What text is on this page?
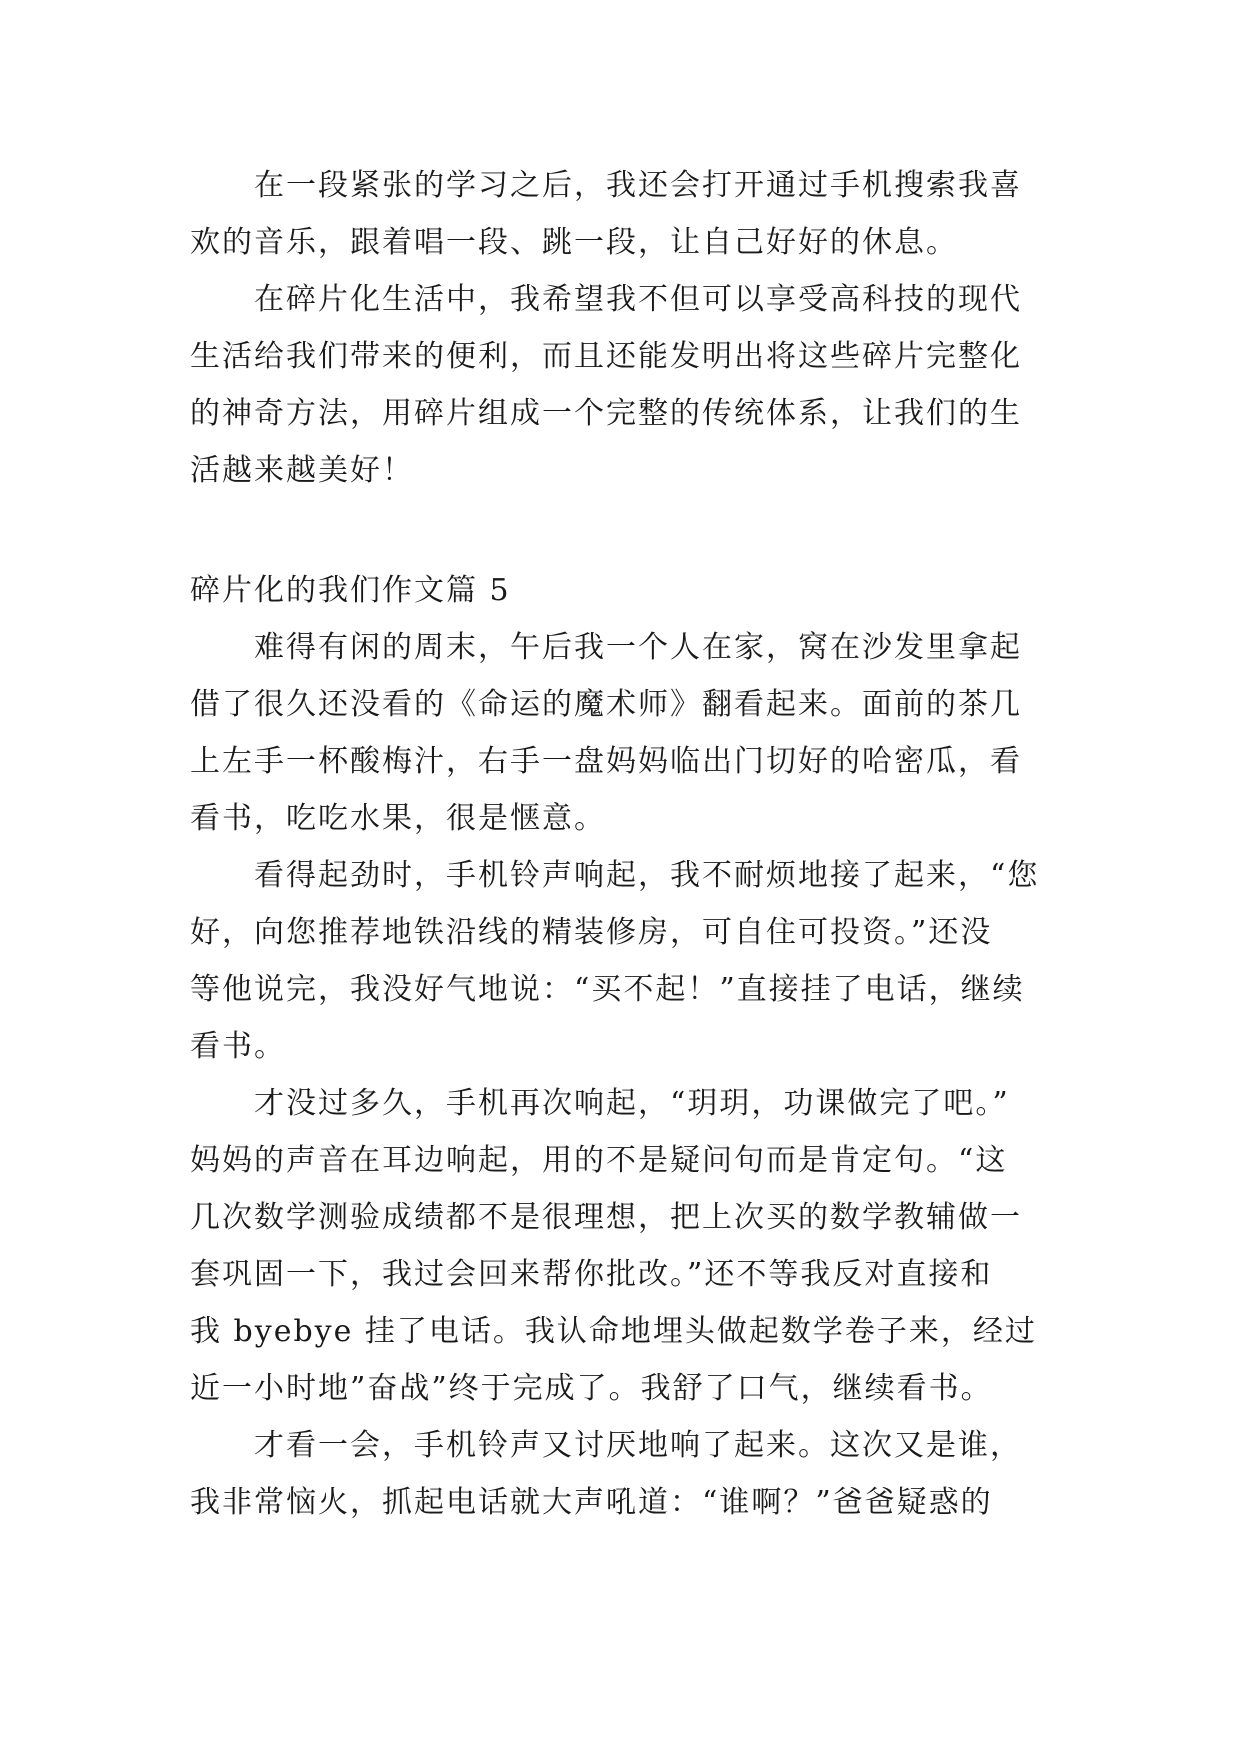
在一段紧张的学习之后，我还会打开通过手机搜索我喜
欢的音乐，跟着唱一段、跳一段，让自己好好的休息。
在碎片化生活中，我希望我不但可以享受高科技的现代
生活给我们带来的便利，而且还能发明出将这些碎片完整化
的神奇方法，用碎片组成一个完整的传统体系，让我们的生
活越来越美好！
碎片化的我们作文篇 5
难得有闲的周末，午后我一个人在家，窝在沙发里拿起
借了很久还没看的《命运的魔术师》翻看起来。面前的茶几
上左手一杯酸梅汁，右手一盘妈妈临出门切好的哈密瓜，看
看书，吃吃水果，很是惬意。
看得起劲时，手机铃声响起，我不耐烦地接了起来，“您
好，向您推荐地铁沿线的精装修房，可自住可投资。”还没
等他说完，我没好气地说：“买不起！”直接挂了电话，继续
看书。
才没过多久，手机再次响起，“玥玥，功课做完了吧。”
妈妈的声音在耳边响起，用的不是疑问句而是肯定句。“这
几次数学测验成绩都不是很理想，把上次买的数学教辅做一
套巩固一下，我过会回来帮你批改。”还不等我反对直接和
我 byebye 挂了电话。我认命地埋头做起数学卷子来，经过
近一小时地”奋战”终于完成了。我舒了口气，继续看书。
才看一会，手机铃声又讨厌地响了起来。这次又是谁，
我非常恼火，抓起电话就大声吼道：“谁啊？”爸爸疑惑的
